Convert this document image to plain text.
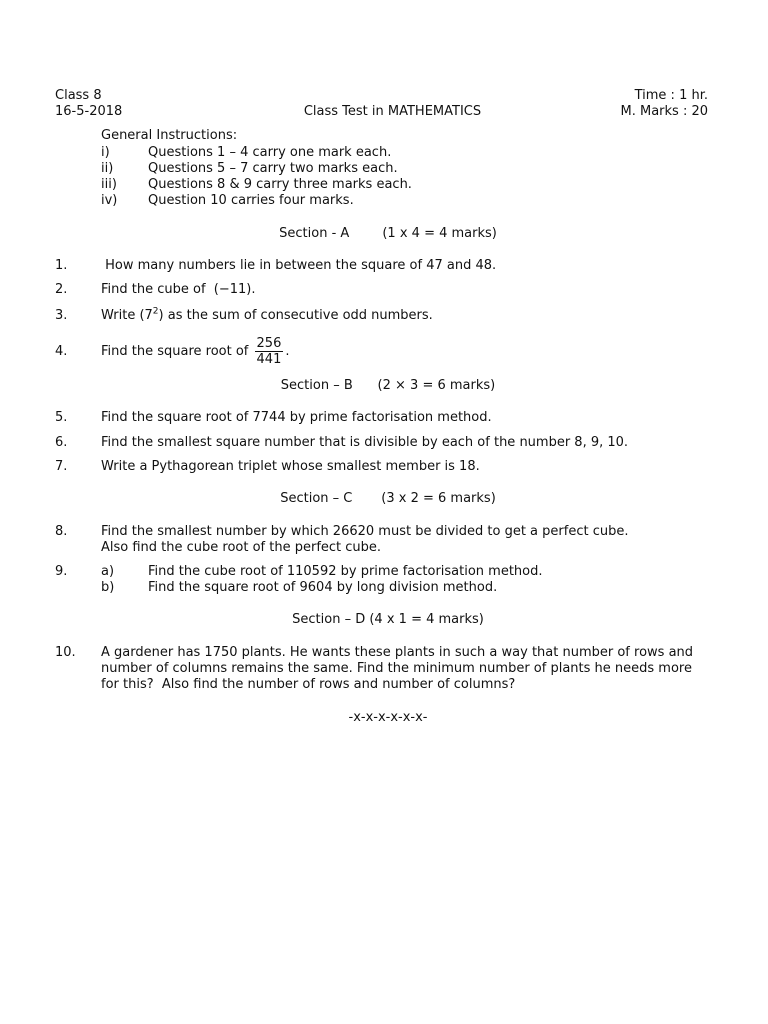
Class 8
16-5-2018	Class Test in MATHEMATICS
Time : 1 hr.
M. Marks : 20
General Instructions:
i)	Questions 1 – 4 carry one mark each.
ii)	Questions 5 – 7 carry two marks each.
iii) Questions 8 & 9 carry three marks each.
iv) Question 10 carries four marks.
Section - A        (1 x 4 = 4 marks)
1.	How many numbers lie in between the square of 47 and 48.
2.	Find the cube of  (−11).
3.	Write $(7^2)$ as the sum of consecutive odd numbers.
4.	Find the square root of $\frac{256}{441}$ .
Section – B      (2 × 3 = 6 marks)
5.	Find the square root of 7744 by prime factorisation method.
6.	Find the smallest square number that is divisible by each of the number 8, 9, 10.
7.	Write a Pythagorean triplet whose smallest member is 18.
Section – C       (3 x 2 = 6 marks)
8.	Find the smallest number by which 26620 must be divided to get a perfect cube.
Also find the cube root of the perfect cube.
9.	a)	Find the cube root of 110592 by prime factorisation method.
b)	Find the square root of 9604 by long division method.
Section – D (4 x 1 = 4 marks)
10. A gardener has 1750 plants. He wants these plants in such a way that number of rows and
number of columns remains the same. Find the minimum number of plants he needs more
for this?  Also find the number of rows and number of columns?
-x-x-x-x-x-x-
